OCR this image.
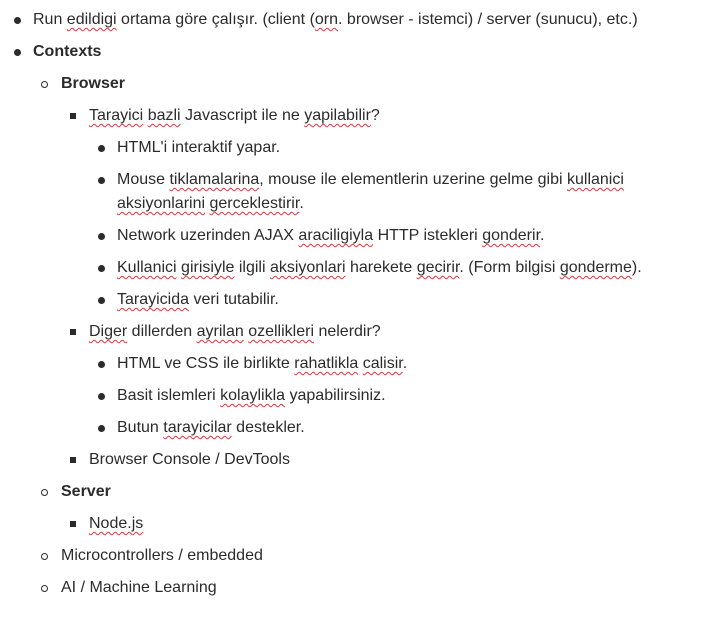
Run edildigi ortama göre çalışır. (client (orn. browser - istemci) / server (sunucu), etc.)
Contexts
Browser
Tarayici bazli Javascript ile ne yapilabilir?
HTML'i interaktif yapar.
Mouse tiklamalarina, mouse ile elementlerin uzerine gelme gibi kullanici
aksiyonlarini gerceklestirir.
Network uzerinden AJAX araciligiyla HTTP istekleri gonderir.
Kullanici girisiyle ilgili aksiyonlari harekete gecirir. (Form bilgisi gonderme).
Tarayicida veri tutabilir.
Diger dillerden ayrilan ozellikleri nelerdir?
HTML ve CSS ile birlikte rahatlikla calisir.
Basit islemleri kolaylikla yapabilirsiniz.
Butun tarayicilar destekler.
Browser Console / DevTools
Server
Node.js
Microcontrollers / embedded
AI / Machine Learning
